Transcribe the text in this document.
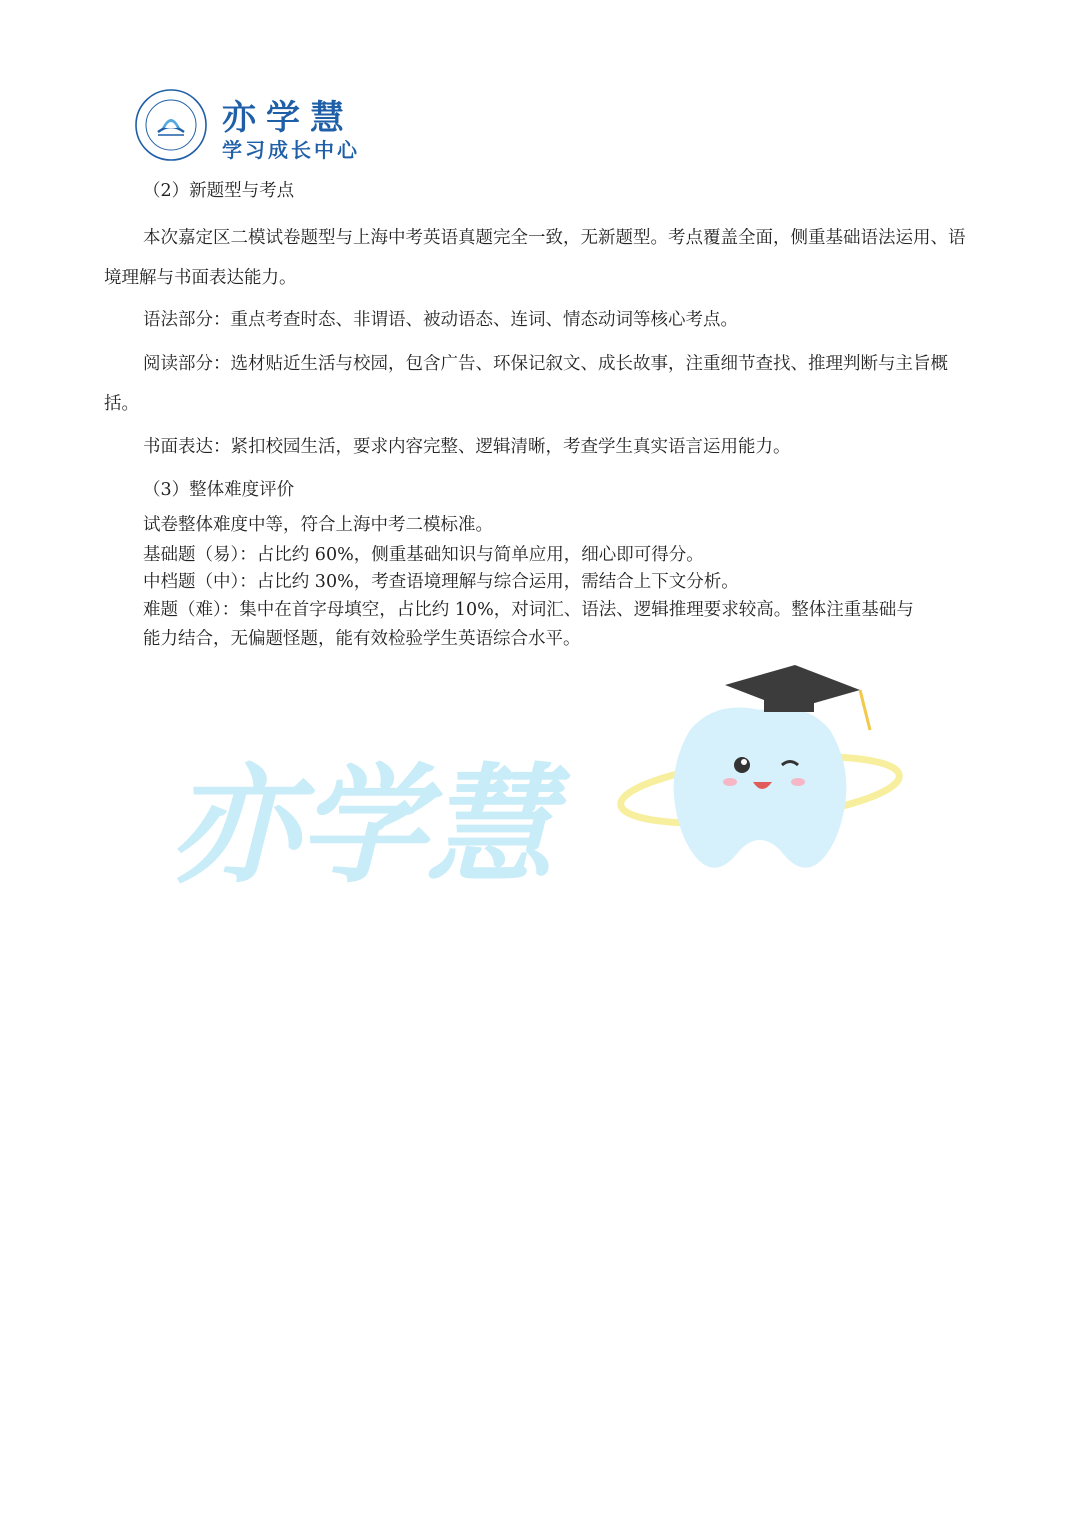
亦学慧
学习成长中心
（2）新题型与考点
本次嘉定区二模试卷题型与上海中考英语真题完全一致，无新题型。考点覆盖全面，侧重基础语法运用、语境理解与书面表达能力。
语法部分：重点考查时态、非谓语、被动语态、连词、情态动词等核心考点。
阅读部分：选材贴近生活与校园，包含广告、环保记叙文、成长故事，注重细节查找、推理判断与主旨概括。
书面表达：紧扣校园生活，要求内容完整、逻辑清晰，考查学生真实语言运用能力。
（3）整体难度评价
试卷整体难度中等，符合上海中考二模标准。
基础题（易）：占比约 60%，侧重基础知识与简单应用，细心即可得分。
中档题（中）：占比约 30%，考查语境理解与综合运用，需结合上下文分析。
难题（难）：集中在首字母填空，占比约 10%，对词汇、语法、逻辑推理要求较高。整体注重基础与
能力结合，无偏题怪题，能有效检验学生英语综合水平。
亦学慧
